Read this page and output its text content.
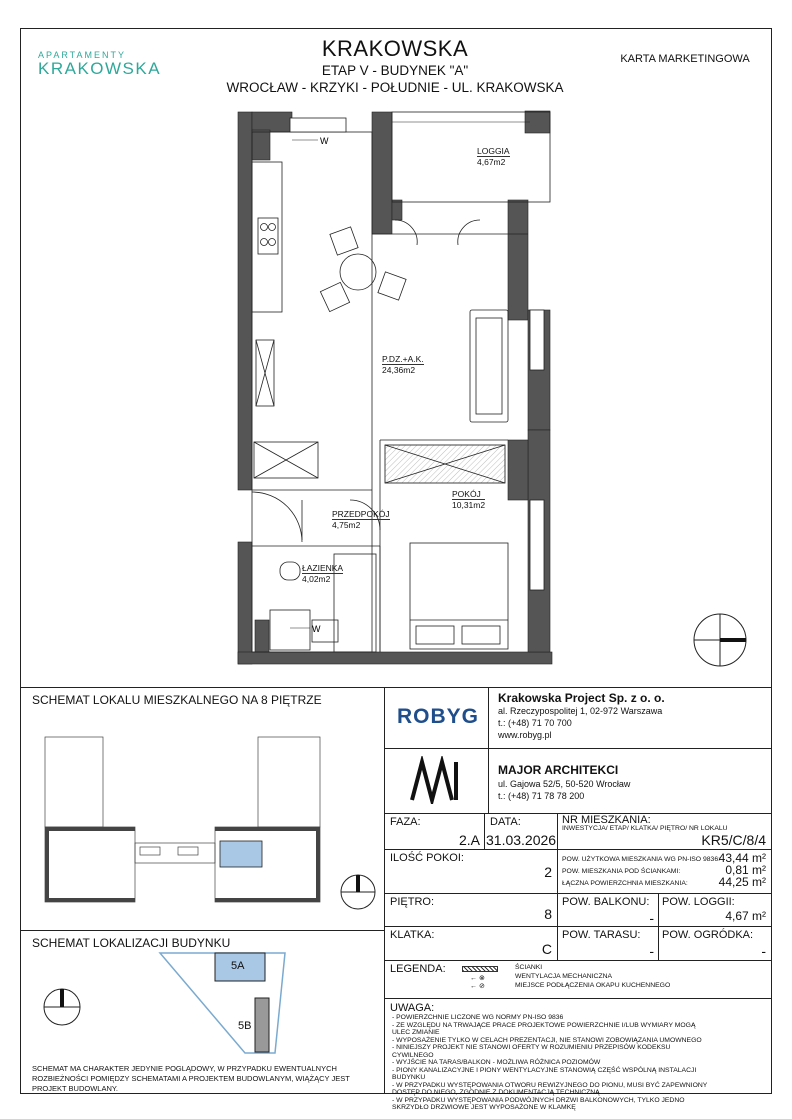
APARTAMENTY
KRAKOWSKA
KRAKOWSKA
ETAP V - BUDYNEK "A"
WROCŁAW - KRZYKI - POŁUDNIE - UL. KRAKOWSKA
KARTA MARKETINGOWA
W
W
LOGGIA
4,67m2
P.DZ.+A.K.
24,36m2
POKÓJ
10,31m2
PRZEDPOKÓJ
4,75m2
ŁAZIENKA
4,02m2
SCHEMAT LOKALU MIESZKALNEGO NA 8 PIĘTRZE
SCHEMAT LOKALIZACJI BUDYNKU
5A
5B
SCHEMAT MA CHARAKTER JEDYNIE POGLĄDOWY, W PRZYPADKU EWENTUALNYCH ROZBIEŻNOŚCI POMIĘDZY SCHEMATAMI A PROJEKTEM BUDOWLANYM, WIĄŻĄCY JEST PROJEKT BUDOWLANY.
ROBYG
Krakowska Project Sp. z o. o.
al. Rzeczypospolitej 1, 02-972 Warszawa
t.: (+48) 71 70 700
www.robyg.pl
MAJOR ARCHITEKCI
ul. Gajowa 52/5, 50-520 Wrocław
t.: (+48) 71 78 78 200
FAZA:
2.A
DATA:
31.03.2026
NR MIESZKANIA:
INWESTYCJA/ ETAP/ KLATKA/ PIĘTRO/ NR LOKALU
KR5/C/8/4
ILOŚĆ POKOI:
2
POW. UŻYTKOWA MIESZKANIA WG PN-ISO 9836:
43,44 m²
POW. MIESZKANIA POD ŚCIANKAMI:	0,81 m²
ŁĄCZNA POWIERZCHNIA MIESZKANIA:	44,25 m²
PIĘTRO:
8
POW. BALKONU:
-
POW. LOGGII:
4,67 m²
KLATKA:
C
POW. TARASU:
-
POW. OGRÓDKA:
-
LEGENDA:
← ⊗
← ⊘
ŚCIANKI
WENTYLACJA MECHANICZNA
MIEJSCE PODŁĄCZENIA OKAPU KUCHENNEGO
UWAGA:
- POWIERZCHNIE LICZONE WG NORMY PN-ISO 9836
- ZE WZGLĘDU NA TRWAJĄCE PRACE PROJEKTOWE POWIERZCHNIE I/LUB WYMIARY MOGĄ ULEC ZMIANIE
- WYPOSAŻENIE TYLKO W CELACH PREZENTACJI, NIE STANOWI ZOBOWIĄZANIA UMOWNEGO
- NINIEJSZY PROJEKT NIE STANOWI OFERTY W ROZUMIENIU PRZEPISÓW KODEKSU CYWILNEGO
- WYJŚCIE NA TARAS/BALKON - MOŻLIWA RÓŻNICA POZIOMÓW
- PIONY KANALIZACYJNE I PIONY WENTYLACYJNE STANOWIĄ CZĘŚĆ WSPÓLNĄ INSTALACJI BUDYNKU
- W PRZYPADKU WYSTĘPOWANIA OTWORU REWIZYJNEGO DO PIONU, MUSI BYĆ ZAPEWNIONY DOSTĘP DO NIEGO, ZGODNIE Z DOKUMENTACJĄ TECHNICZNĄ
- W PRZYPADKU WYSTĘPOWANIA PODWÓJNYCH DRZWI BALKONOWYCH, TYLKO JEDNO SKRZYDŁO DRZWIOWE JEST WYPOSAŻONE W KLAMKĘ
